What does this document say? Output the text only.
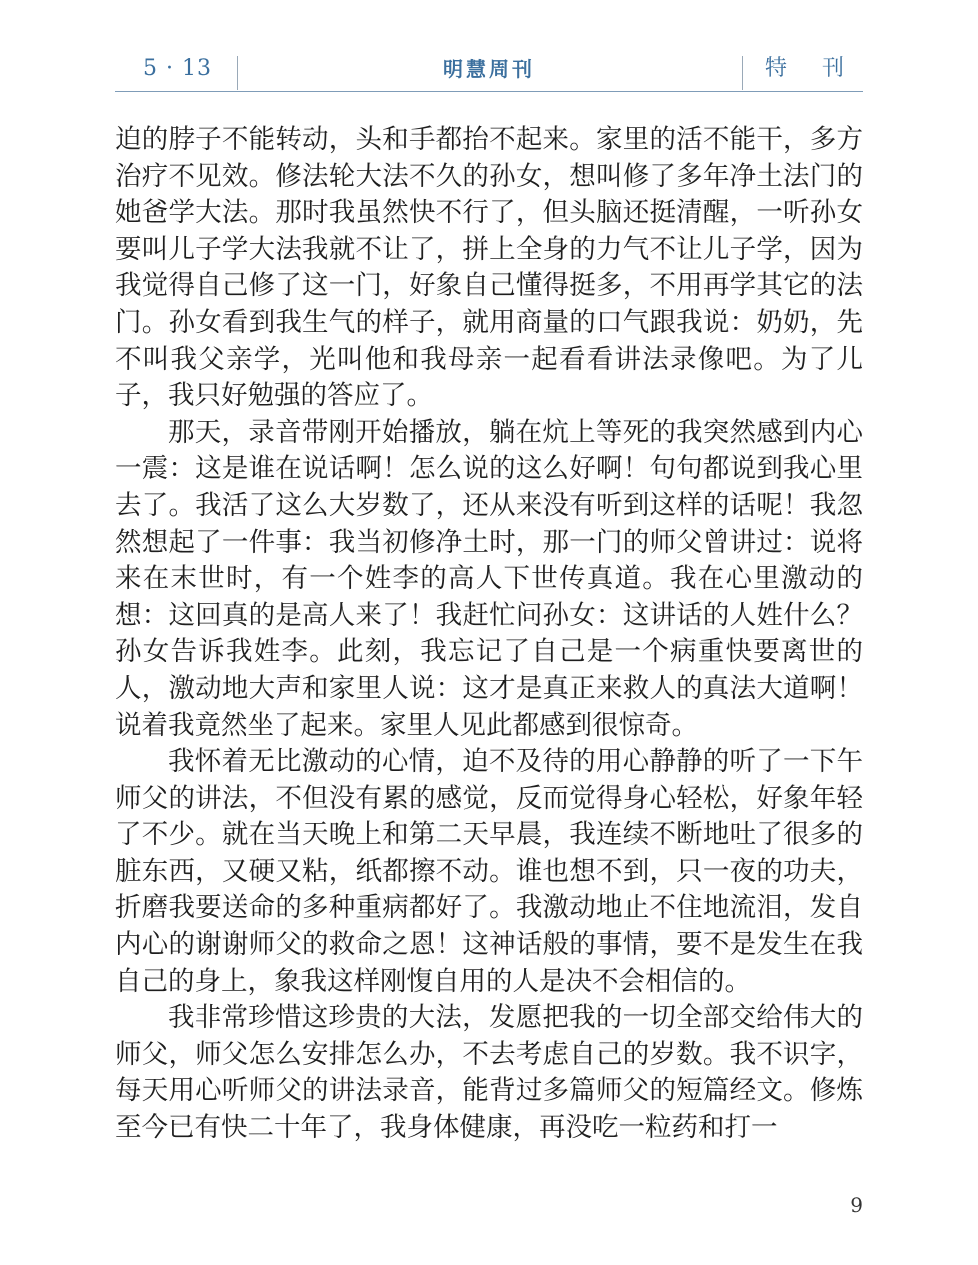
5 · 13	明慧周刊	特 刊

迫的脖子不能转动，头和手都抬不起来。家里的活不能干，多方治疗不见效。修法轮大法不久的孙女，想叫修了多年净土法门的她爸学大法。那时我虽然快不行了，但头脑还挺清醒，一听孙女要叫儿子学大法我就不让了，拼上全身的力气不让儿子学，因为我觉得自己修了这一门，好象自己懂得挺多，不用再学其它的法门。孙女看到我生气的样子，就用商量的口气跟我说：奶奶，先不叫我父亲学，光叫他和我母亲一起看看讲法录像吧。为了儿子，我只好勉强的答应了。

那天，录音带刚开始播放，躺在炕上等死的我突然感到内心一震：这是谁在说话啊！怎么说的这么好啊！句句都说到我心里去了。我活了这么大岁数了，还从来没有听到这样的话呢！我忽然想起了一件事：我当初修净土时，那一门的师父曾讲过：说将来在末世时，有一个姓李的高人下世传真道。我在心里激动的想：这回真的是高人来了！我赶忙问孙女：这讲话的人姓什么？孙女告诉我姓李。此刻，我忘记了自己是一个病重快要离世的人，激动地大声和家里人说：这才是真正来救人的真法大道啊！说着我竟然坐了起来。家里人见此都感到很惊奇。

我怀着无比激动的心情，迫不及待的用心静静的听了一下午师父的讲法，不但没有累的感觉，反而觉得身心轻松，好象年轻了不少。就在当天晚上和第二天早晨，我连续不断地吐了很多的脏东西，又硬又粘，纸都擦不动。谁也想不到，只一夜的功夫，折磨我要送命的多种重病都好了。我激动地止不住地流泪，发自内心的谢谢师父的救命之恩！这神话般的事情，要不是发生在我自己的身上，象我这样刚愎自用的人是决不会相信的。

我非常珍惜这珍贵的大法，发愿把我的一切全部交给伟大的师父，师父怎么安排怎么办，不去考虑自己的岁数。我不识字，每天用心听师父的讲法录音，能背过多篇师父的短篇经文。修炼至今已有快二十年了，我身体健康，再没吃一粒药和打一

9
